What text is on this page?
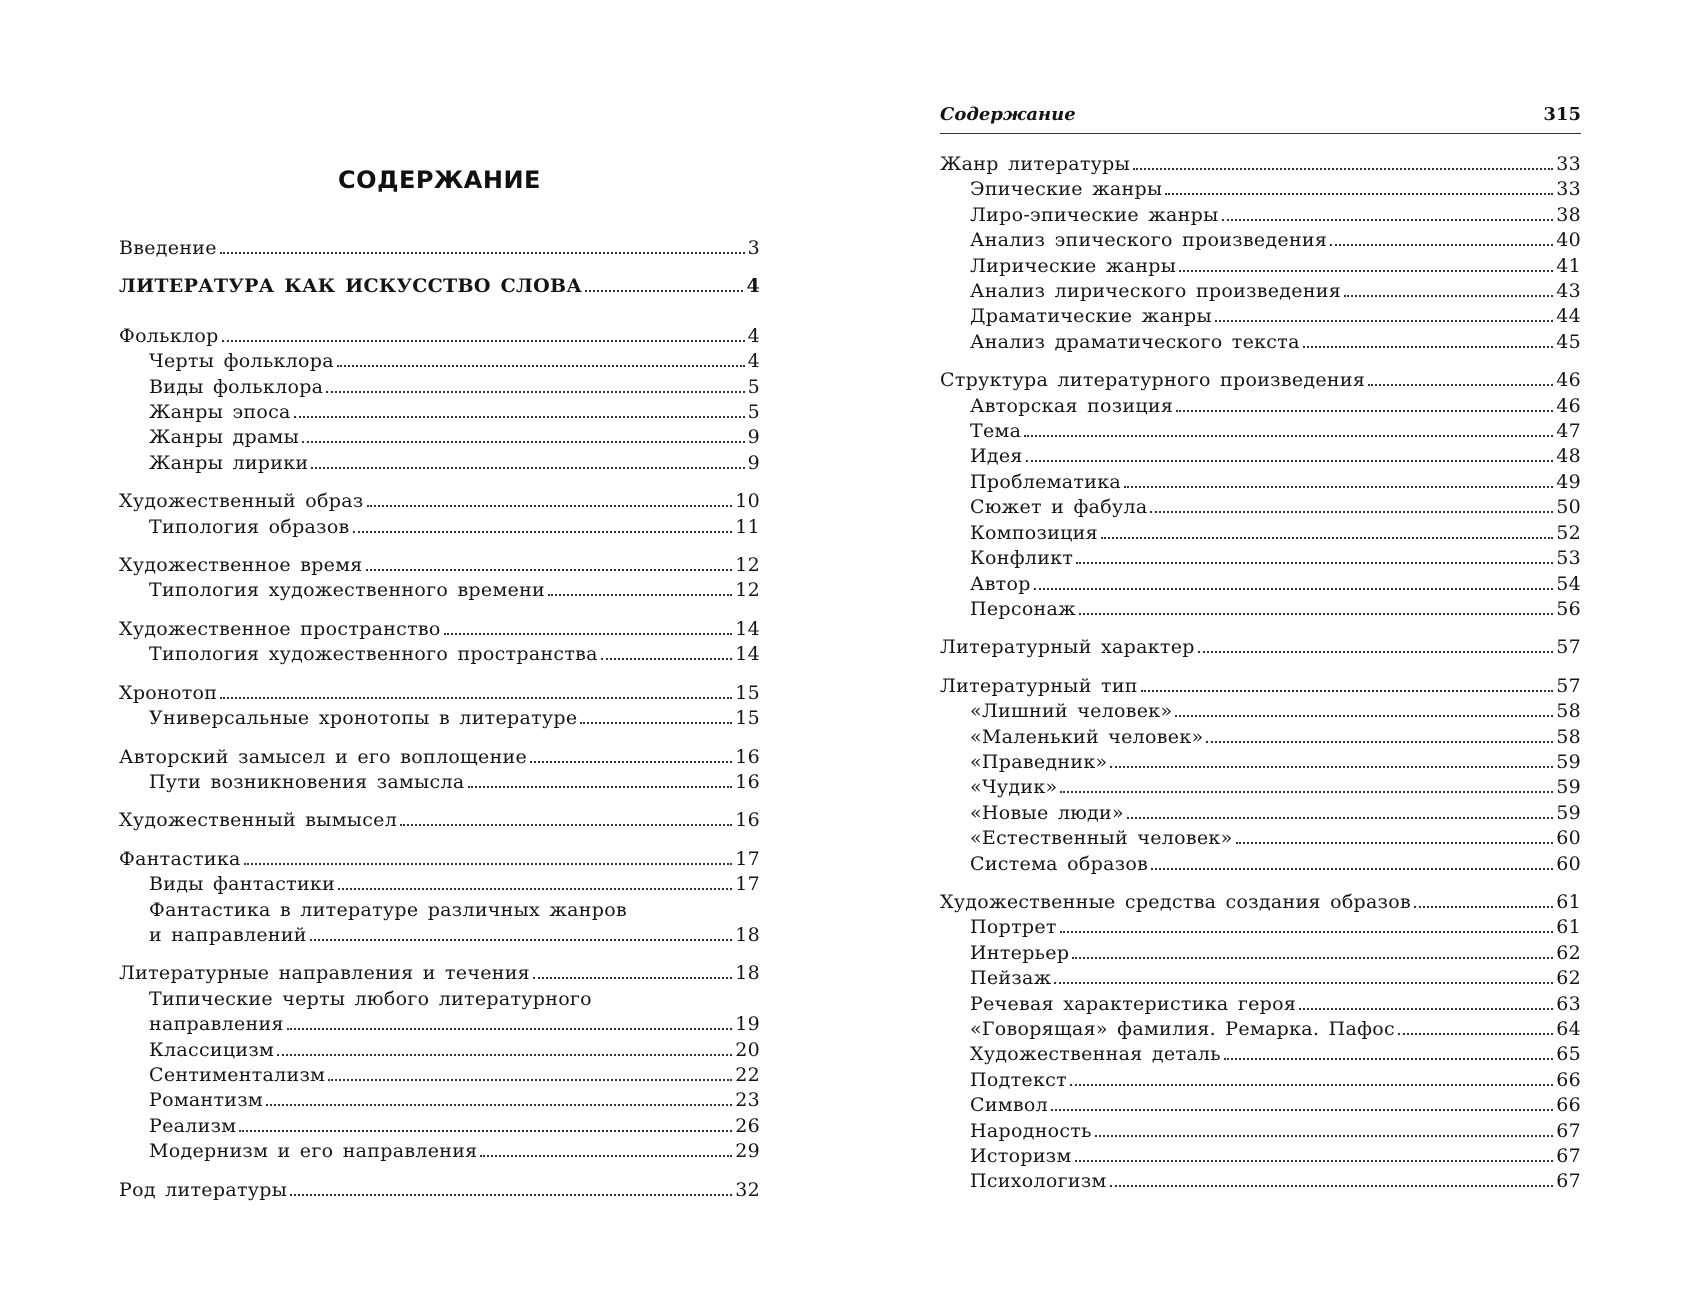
СОДЕРЖАНИЕ
Введение	3
ЛИТЕРАТУРА КАК ИСКУССТВО СЛОВА	4
Фольклор	4
Черты фольклора	4
Виды фольклора	5
Жанры эпоса	5
Жанры драмы	9
Жанры лирики	9
Художественный образ	10
Типология образов	11
Художественное время	12
Типология художественного времени	12
Художественное пространство	14
Типология художественного пространства	14
Хронотоп	15
Универсальные хронотопы в литературе	15
Авторский замысел и его воплощение	16
Пути возникновения замысла	16
Художественный вымысел	16
Фантастика	17
Виды фантастики	17
Фантастика в литературе различных жанров
и направлений	18
Литературные направления и течения	18
Типические черты любого литературного
направления	19
Классицизм	20
Сентиментализм	22
Романтизм	23
Реализм	26
Модернизм и его направления	29
Род литературы	32
Содержание	315
Жанр литературы	33
Эпические жанры	33
Лиро-эпические жанры	38
Анализ эпического произведения	40
Лирические жанры	41
Анализ лирического произведения	43
Драматические жанры	44
Анализ драматического текста	45
Структура литературного произведения	46
Авторская позиция	46
Тема	47
Идея	48
Проблематика	49
Сюжет и фабула	50
Композиция	52
Конфликт	53
Автор	54
Персонаж	56
Литературный характер	57
Литературный тип	57
«Лишний человек»	58
«Маленький человек»	58
«Праведник»	59
«Чудик»	59
«Новые люди»	59
«Естественный человек»	60
Система образов	60
Художественные средства создания образов	61
Портрет	61
Интерьер	62
Пейзаж	62
Речевая характеристика героя	63
«Говорящая» фамилия. Ремарка. Пафос	64
Художественная деталь	65
Подтекст	66
Символ	66
Народность	67
Историзм	67
Психологизм	67
